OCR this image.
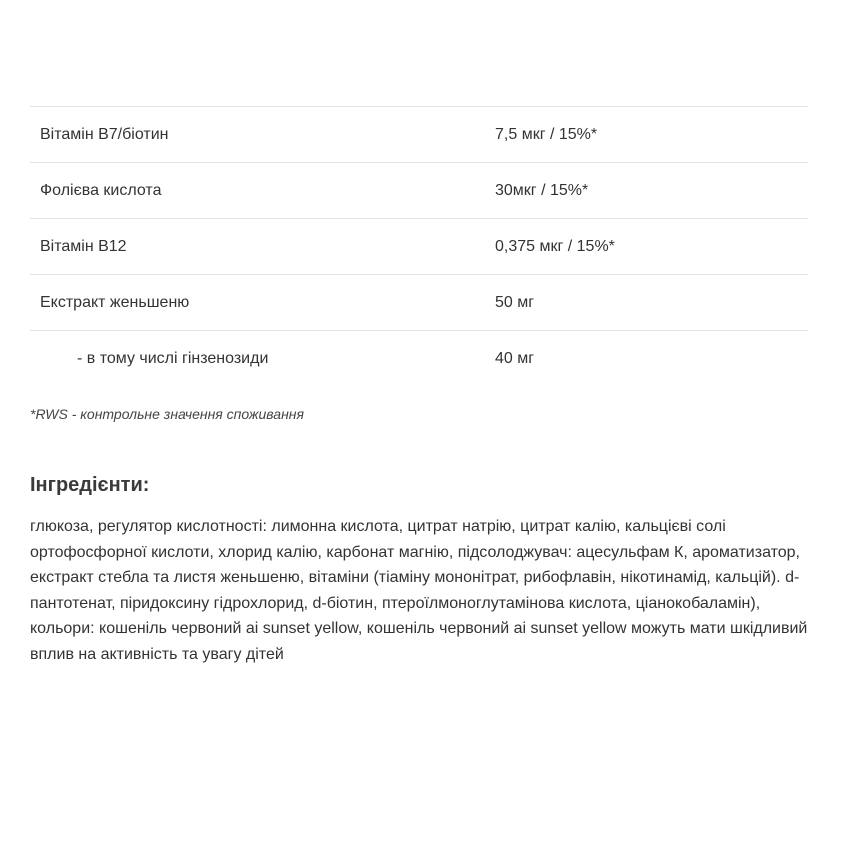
Вітамін B7/біотин	7,5 мкг / 15%*
Фолієва кислота	30мкг / 15%*
Вітамін B12	0,375 мкг / 15%*
Екстракт женьшеню	50 мг
- в тому числі гінзенозиди	40 мг

*RWS - контрольне значення споживання

Інгредієнти:

глюкоза, регулятор кислотності: лимонна кислота, цитрат натрію, цитрат калію, кальцієві солі ортофосфорної кислоти, хлорид калію, карбонат магнію, підсолоджувач: ацесульфам К, ароматизатор, екстракт стебла та листя женьшеню, вітаміни (тіаміну мононітрат, рибофлавін, нікотинамід, кальцій). d-пантотенат, піридоксину гідрохлорид, d-біотин, птероїлмоноглутамінова кислота, ціанокобаламін), кольори: кошеніль червоний аі sunset yellow, кошеніль червоний аі sunset yellow можуть мати шкідливий вплив на активність та увагу дітей
